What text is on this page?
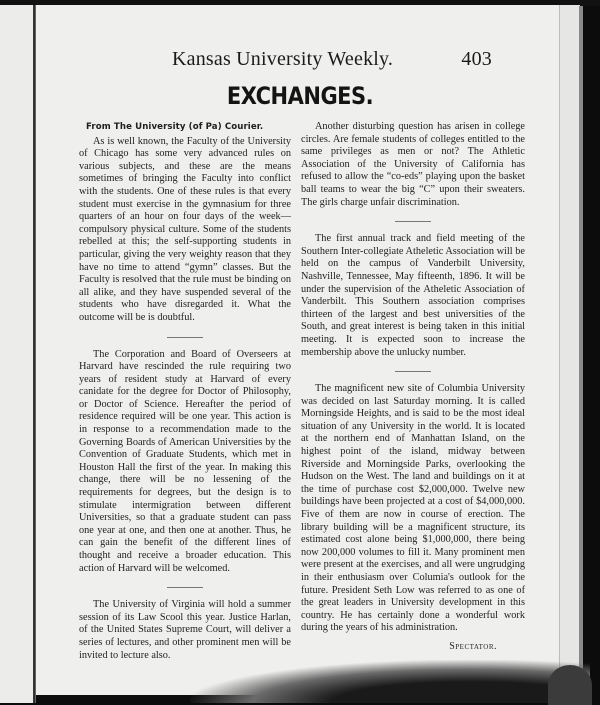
Kansas University Weekly.	403
EXCHANGES.

From The University (of Pa) Courier.

As is well known, the Faculty of the University of Chicago has some very advanced rules on various subjects, and these are the means sometimes of bringing the Faculty into conflict with the students. One of these rules is that every student must exercise in the gymnasium for three quarters of an hour on four days of the week—compulsory physical culture. Some of the students rebelled at this; the self-supporting students in particular, giving the very weighty reason that they have no time to attend “gymn” classes. But the Faculty is resolved that the rule must be binding on all alike, and they have suspended several of the students who have disregarded it. What the outcome will be is doubtful.

The Corporation and Board of Overseers at Harvard have rescinded the rule requiring two years of resident study at Harvard of every canidate for the degree for Doctor of Philosophy, or Doctor of Science. Hereafter the period of residence required will be one year. This action is in response to a recommendation made to the Governing Boards of American Universities by the Convention of Graduate Students, which met in Houston Hall the first of the year. In making this change, there will be no lessening of the requirements for degrees, but the design is to stimulate intermigration between different Universities, so that a graduate student can pass one year at one, and then one at another. Thus, he can gain the benefit of the different lines of thought and receive a broader education. This action of Harvard will be welcomed.

The University of Virginia will hold a summer session of its Law Scool this year. Justice Harlan, of the United States Supreme Court, will deliver a series of lectures, and other prominent men will be invited to lecture also.

Another disturbing question has arisen in college circles. Are female students of colleges entitled to the same privileges as men or not? The Athletic Association of the University of California has refused to allow the “co-eds” playing upon the basket ball teams to wear the big “C” upon their sweaters. The girls charge unfair discrimination.

The first annual track and field meeting of the Southern Inter-collegiate Atheletic Association will be held on the campus of Vanderbilt University, Nashville, Tennessee, May fifteenth, 1896. It will be under the supervision of the Atheletic Association of Vanderbilt. This Southern association comprises thirteen of the largest and best universities of the South, and great interest is being taken in this initial meeting. It is expected soon to increase the membership above the unlucky number.

The magnificent new site of Columbia University was decided on last Saturday morning. It is called Morningside Heights, and is said to be the most ideal situation of any University in the world. It is located at the northern end of Manhattan Island, on the highest point of the island, midway between Riverside and Morningside Parks, overlooking the Hudson on the West. The land and buildings on it at the time of purchase cost $2,000,000. Twelve new buildings have been projected at a cost of $4,000,000. Five of them are now in course of erection. The library building will be a magnificent structure, its estimated cost alone being $1,000,000, there being now 200,000 volumes to fill it. Many prominent men were present at the exercises, and all were ungrudging in their enthusiasm over Columia's outlook for the future. President Seth Low was referred to as one of the great leaders in University development in this country. He has certainly done a wonderful work during the years of his administration.

Spectator.
